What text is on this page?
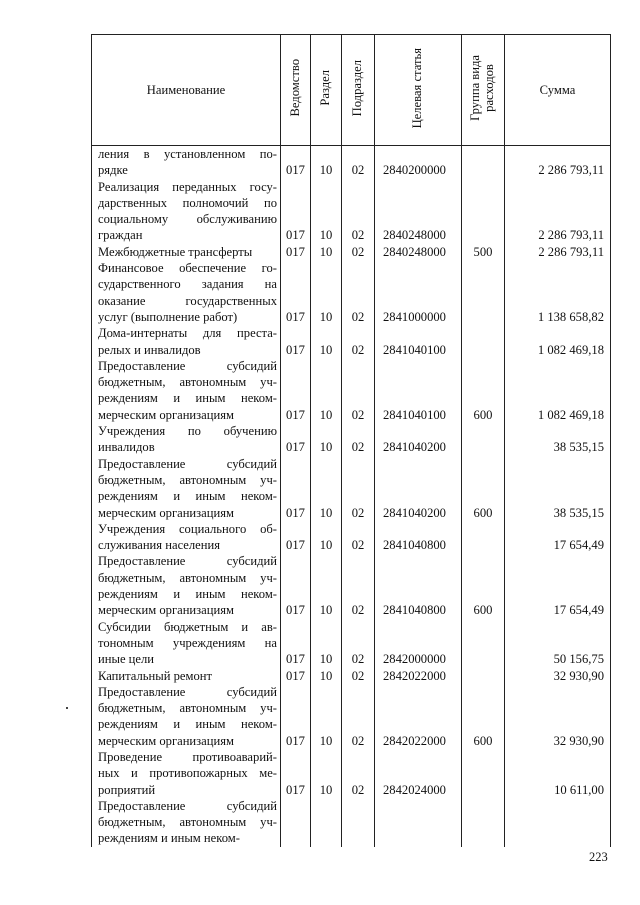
Наименование	Ведомство	Раздел	Подраздел	Целевая статья	Группа вида
расходов	Сумма

ления в установленном по-
рядке	017	10	02	2840200000		2 286 793,11

Реализация переданных госу-
дарственных полномочий по
социальному обслуживанию
граждан	017	10	02	2840248000		2 286 793,11

Межбюджетные трансферты	017	10	02	2840248000	500	2 286 793,11

Финансовое обеспечение го-
сударственного задания на
оказание государственных
услуг (выполнение работ)	017	10	02	2841000000		1 138 658,82

Дома-интернаты для преста-
релых и инвалидов	017	10	02	2841040100		1 082 469,18

Предоставление субсидий
бюджетным, автономным уч-
реждениям и иным неком-
мерческим организациям	017	10	02	2841040100	600	1 082 469,18

Учреждения по обучению
инвалидов	017	10	02	2841040200		38 535,15

Предоставление субсидий
бюджетным, автономным уч-
реждениям и иным неком-
мерческим организациям	017	10	02	2841040200	600	38 535,15

Учреждения социального об-
служивания населения	017	10	02	2841040800		17 654,49

Предоставление субсидий
бюджетным, автономным уч-
реждениям и иным неком-
мерческим организациям	017	10	02	2841040800	600	17 654,49

Субсидии бюджетным и ав-
тономным учреждениям на
иные цели	017	10	02	2842000000		50 156,75

Капитальный ремонт	017	10	02	2842022000		32 930,90

Предоставление субсидий
бюджетным, автономным уч-
реждениям и иным неком-
мерческим организациям	017	10	02	2842022000	600	32 930,90

Проведение противоаварий-
ных и противопожарных ме-
роприятий	017	10	02	2842024000		10 611,00

Предоставление субсидий
бюджетным, автономным уч-
реждениям и иным неком-						

223
